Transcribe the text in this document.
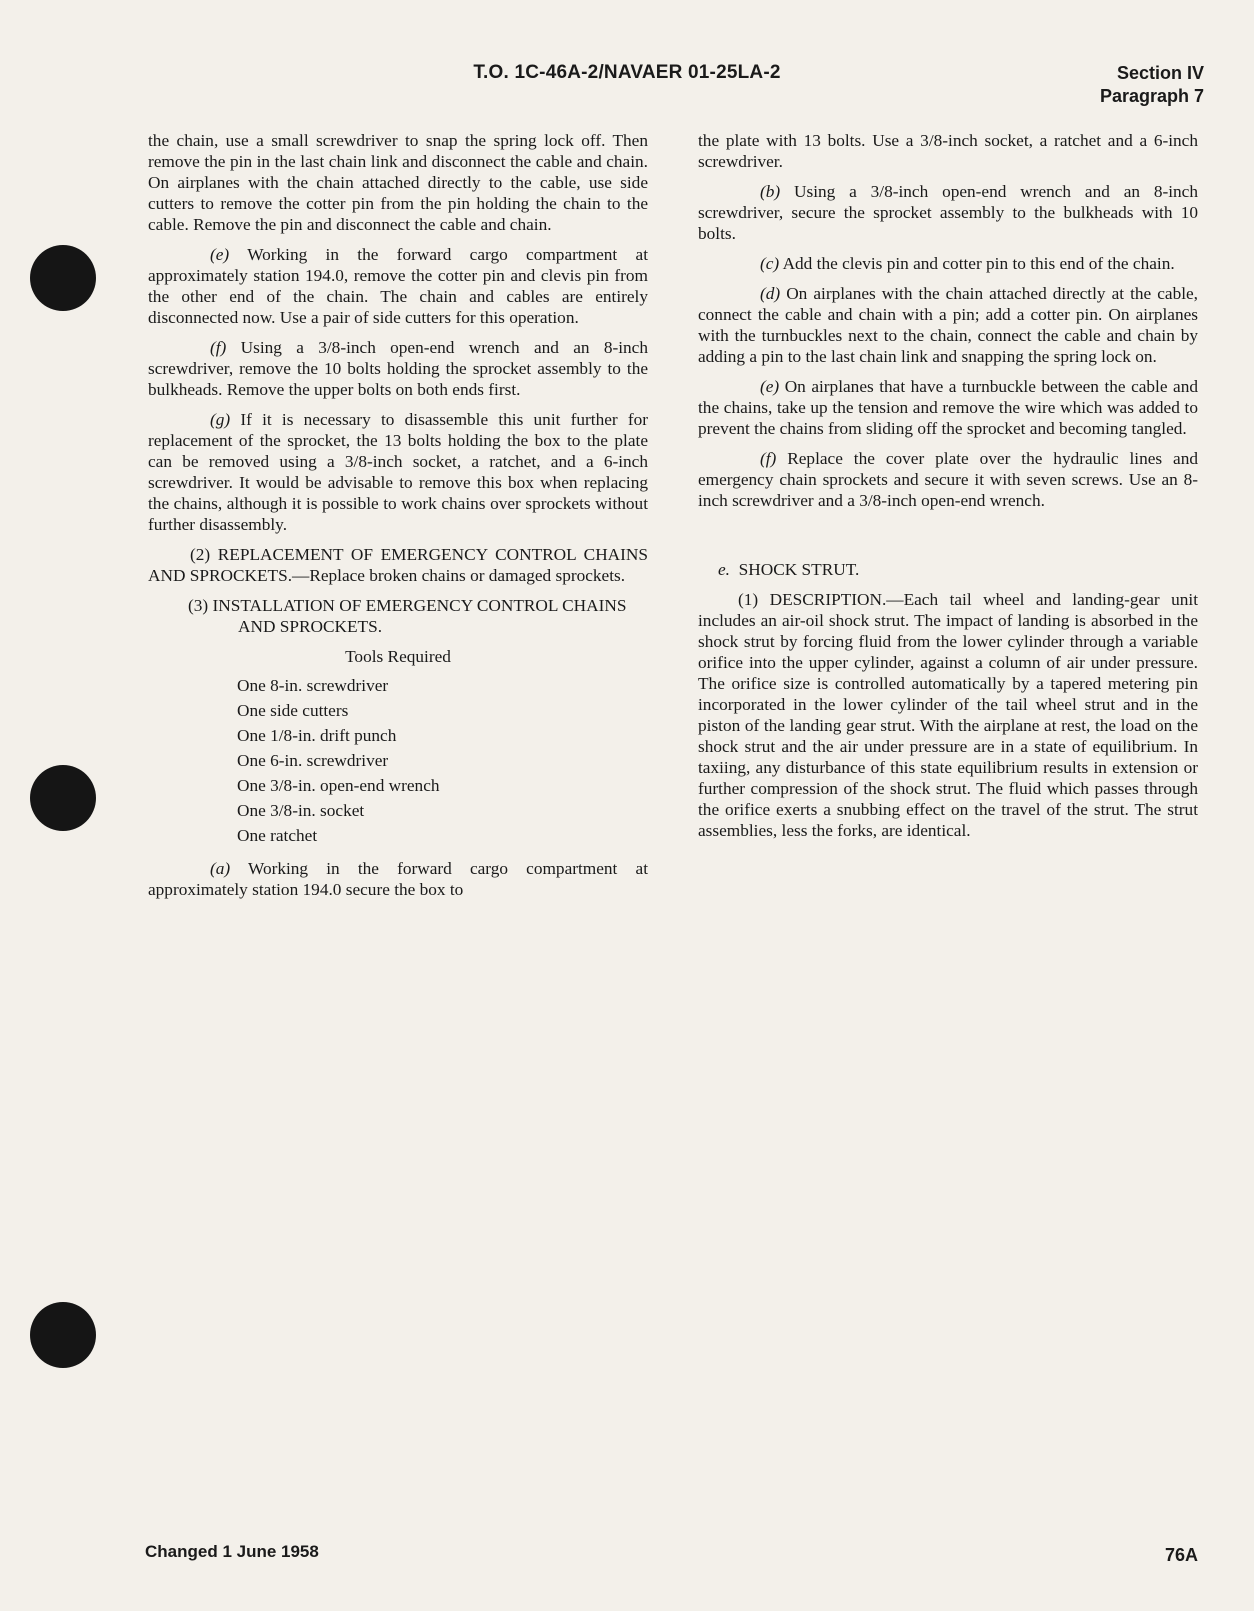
T.O. 1C-46A-2/NAVAER 01-25LA-2	Section IV
Paragraph 7

the chain, use a small screwdriver to snap the spring lock off. Then remove the pin in the last chain link and disconnect the cable and chain. On airplanes with the chain attached directly to the cable, use side cutters to remove the cotter pin from the pin holding the chain to the cable. Remove the pin and disconnect the cable and chain.

(e) Working in the forward cargo compartment at approximately station 194.0, remove the cotter pin and clevis pin from the other end of the chain. The chain and cables are entirely disconnected now. Use a pair of side cutters for this operation.

(f) Using a 3/8-inch open-end wrench and an 8-inch screwdriver, remove the 10 bolts holding the sprocket assembly to the bulkheads. Remove the upper bolts on both ends first.

(g) If it is necessary to disassemble this unit further for replacement of the sprocket, the 13 bolts holding the box to the plate can be removed using a 3/8-inch socket, a ratchet, and a 6-inch screwdriver. It would be advisable to remove this box when replacing the chains, although it is possible to work chains over sprockets without further disassembly.

(2) REPLACEMENT OF EMERGENCY CONTROL CHAINS AND SPROCKETS.—Replace broken chains or damaged sprockets.

(3) INSTALLATION OF EMERGENCY CONTROL CHAINS AND SPROCKETS.

Tools Required
One 8-in. screwdriver
One side cutters
One 1/8-in. drift punch
One 6-in. screwdriver
One 3/8-in. open-end wrench
One 3/8-in. socket
One ratchet

(a) Working in the forward cargo compartment at approximately station 194.0 secure the box to

the plate with 13 bolts. Use a 3/8-inch socket, a ratchet and a 6-inch screwdriver.

(b) Using a 3/8-inch open-end wrench and an 8-inch screwdriver, secure the sprocket assembly to the bulkheads with 10 bolts.

(c) Add the clevis pin and cotter pin to this end of the chain.

(d) On airplanes with the chain attached directly at the cable, connect the cable and chain with a pin; add a cotter pin. On airplanes with the turnbuckles next to the chain, connect the cable and chain by adding a pin to the last chain link and snapping the spring lock on.

(e) On airplanes that have a turnbuckle between the cable and the chains, take up the tension and remove the wire which was added to prevent the chains from sliding off the sprocket and becoming tangled.

(f) Replace the cover plate over the hydraulic lines and emergency chain sprockets and secure it with seven screws. Use an 8-inch screwdriver and a 3/8-inch open-end wrench.

e. SHOCK STRUT.

(1) DESCRIPTION.—Each tail wheel and landing-gear unit includes an air-oil shock strut. The impact of landing is absorbed in the shock strut by forcing fluid from the lower cylinder through a variable orifice into the upper cylinder, against a column of air under pressure. The orifice size is controlled automatically by a tapered metering pin incorporated in the lower cylinder of the tail wheel strut and in the piston of the landing gear strut. With the airplane at rest, the load on the shock strut and the air under pressure are in a state of equilibrium. In taxiing, any disturbance of this state equilibrium results in extension or further compression of the shock strut. The fluid which passes through the orifice exerts a snubbing effect on the travel of the strut. The strut assemblies, less the forks, are identical.

Changed 1 June 1958	76A
